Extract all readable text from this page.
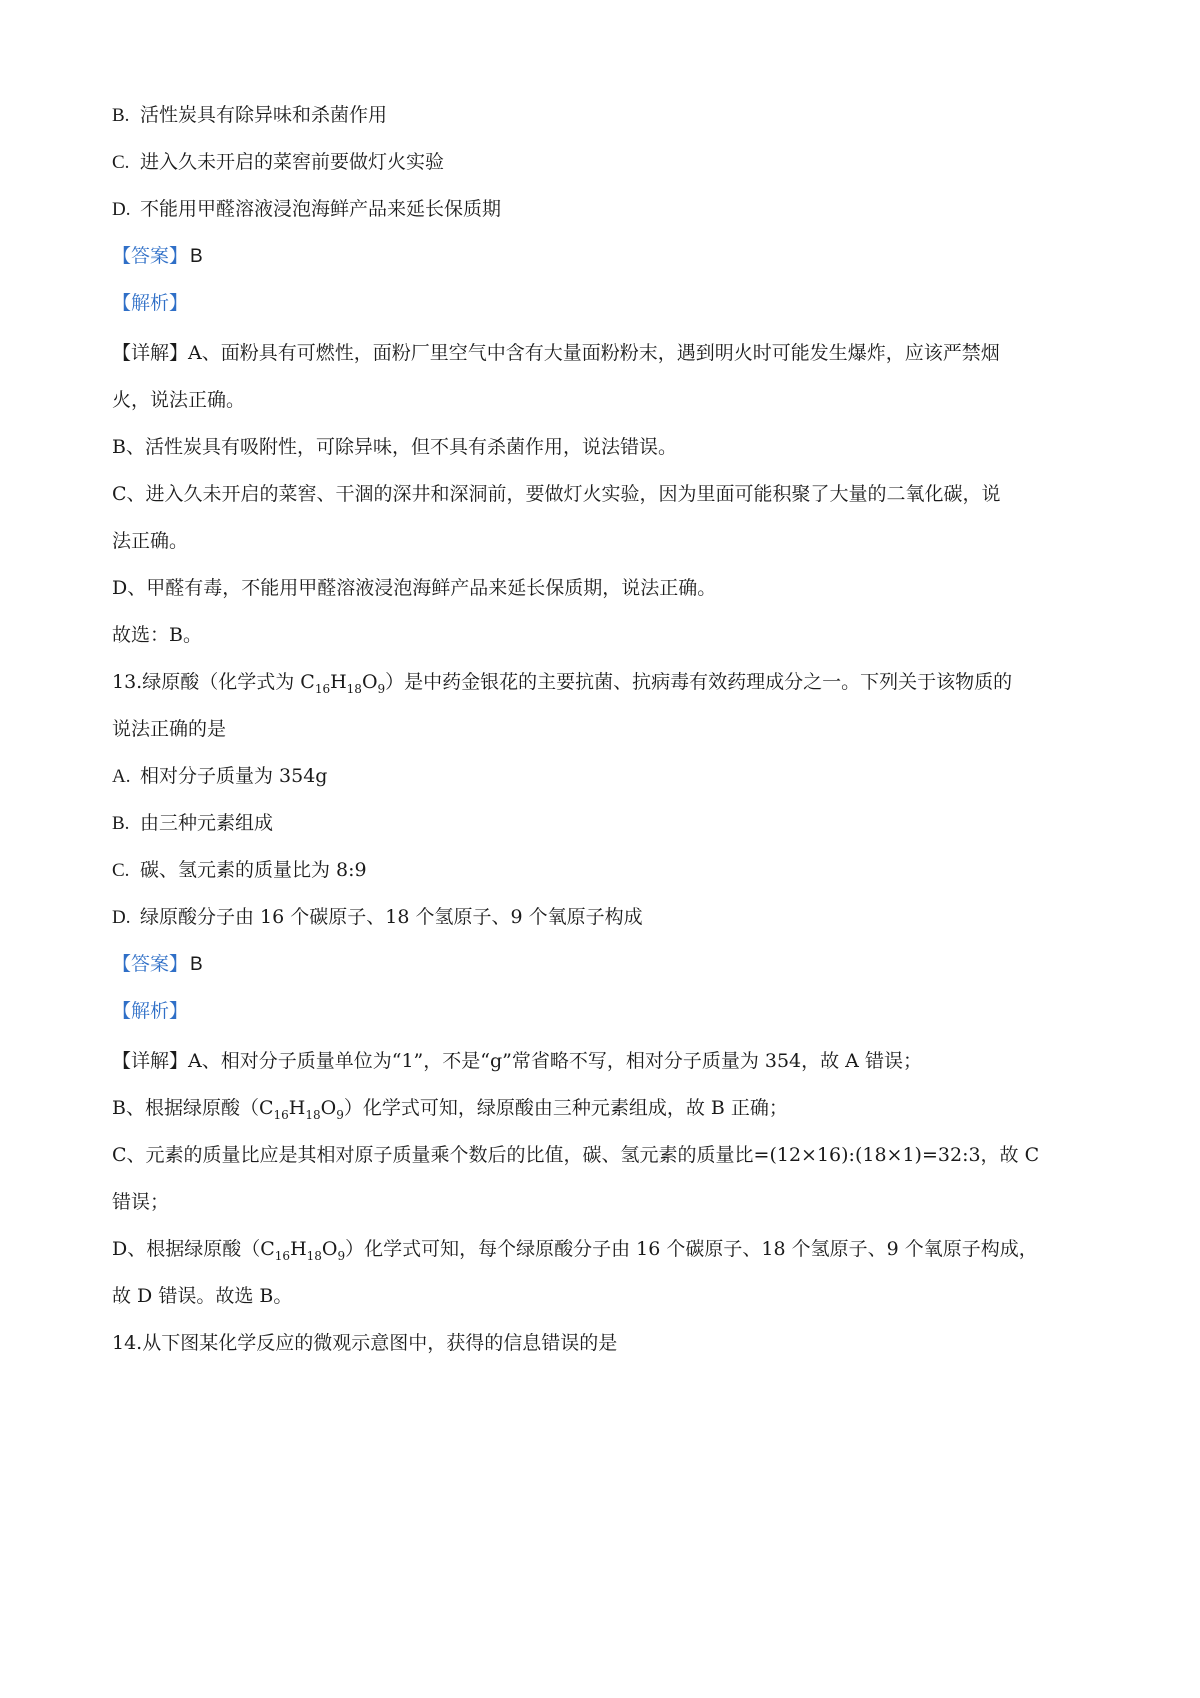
B. 活性炭具有除异味和杀菌作用
C. 进入久未开启的菜窖前要做灯火实验
D. 不能用甲醛溶液浸泡海鲜产品来延长保质期
【答案】 B
【解析】
【详解】A、面粉具有可燃性，面粉厂里空气中含有大量面粉粉末，遇到明火时可能发生爆炸，应该严禁烟
火，说法正确。
B、活性炭具有吸附性，可除异味，但不具有杀菌作用，说法错误。
C、进入久未开启的菜窖、干涸的深井和深洞前，要做灯火实验，因为里面可能积聚了大量的二氧化碳，说
法正确。
D、甲醛有毒，不能用甲醛溶液浸泡海鲜产品来延长保质期，说法正确。
故选：B。
13.绿原酸（化学式为 $C_{16}H_{18}O_9$）是中药金银花的主要抗菌、抗病毒有效药理成分之一。下列关于该物质的
说法正确的是
A. 相对分子质量为 354g
B. 由三种元素组成
C. 碳、氢元素的质量比为 8:9
D. 绿原酸分子由 16 个碳原子、18 个氢原子、9 个氧原子构成
【答案】 B
【解析】
【详解】A、相对分子质量单位为“1”，不是“g”常省略不写，相对分子质量为 354，故 A 错误；
B、根据绿原酸$(C_{16}H_{18}O_9)$化学式可知，绿原酸由三种元素组成，故 B 正确；
C、元素的质量比应是其相对原子质量乘个数后的比值，碳、氢元素的质量比=(12×16):(18×1)=32:3，故 C
错误；
D、根据绿原酸$(C_{16}H_{18}O_9)$化学式可知，每个绿原酸分子由 16 个碳原子、18 个氢原子、9 个氧原子构成，
故 D 错误。故选 B。
14.从下图某化学反应的微观示意图中，获得的信息错误的是
